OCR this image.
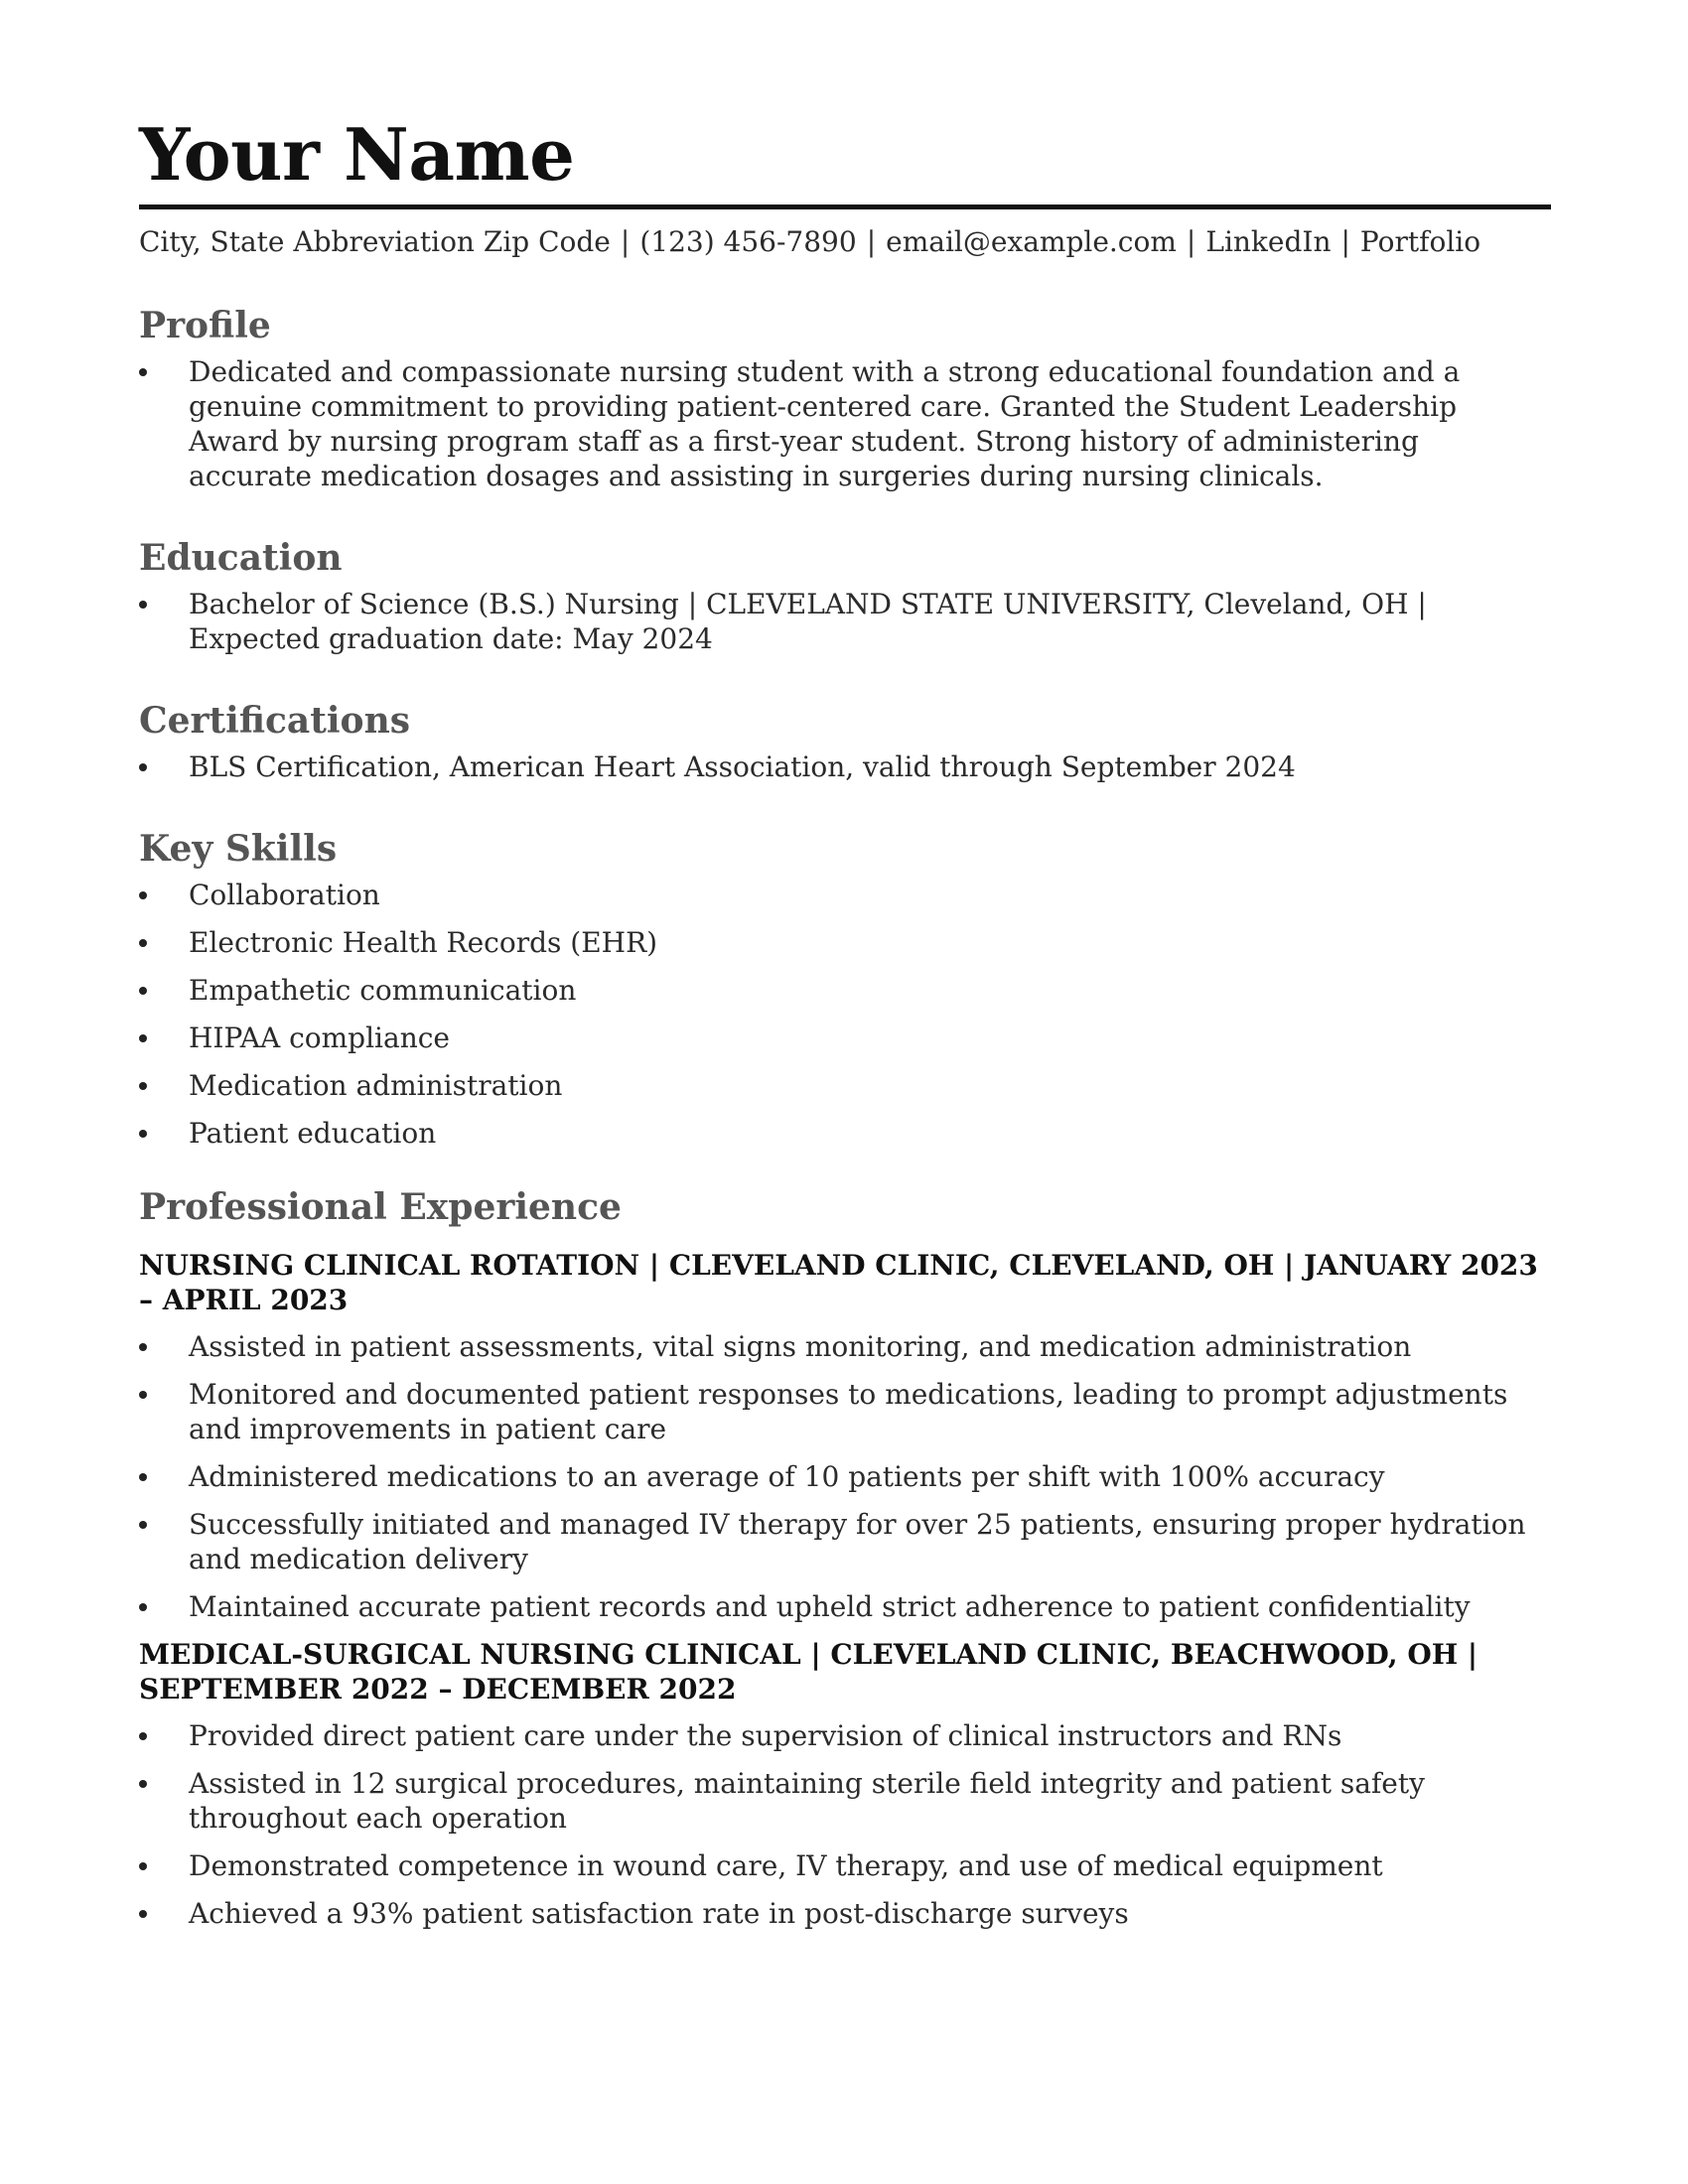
Your Name
City, State Abbreviation Zip Code | (123) 456-7890 | email@example.com | LinkedIn | Portfolio
Profile
Dedicated and compassionate nursing student with a strong educational foundation and a genuine commitment to providing patient-centered care. Granted the Student Leadership Award by nursing program staff as a first-year student. Strong history of administering accurate medication dosages and assisting in surgeries during nursing clinicals.
Education
Bachelor of Science (B.S.) Nursing | CLEVELAND STATE UNIVERSITY, Cleveland, OH | Expected graduation date: May 2024
Certifications
BLS Certification, American Heart Association, valid through September 2024
Key Skills
Collaboration
Electronic Health Records (EHR)
Empathetic communication
HIPAA compliance
Medication administration
Patient education
Professional Experience

NURSING CLINICAL ROTATION | CLEVELAND CLINIC, CLEVELAND, OH | JANUARY 2023 – APRIL 2023

Assisted in patient assessments, vital signs monitoring, and medication administration
Monitored and documented patient responses to medications, leading to prompt adjustments and improvements in patient care
Administered medications to an average of 10 patients per shift with 100% accuracy
Successfully initiated and managed IV therapy for over 25 patients, ensuring proper hydration and medication delivery
Maintained accurate patient records and upheld strict adherence to patient confidentiality

MEDICAL-SURGICAL NURSING CLINICAL | CLEVELAND CLINIC, BEACHWOOD, OH | SEPTEMBER 2022 – DECEMBER 2022

Provided direct patient care under the supervision of clinical instructors and RNs
Assisted in 12 surgical procedures, maintaining sterile field integrity and patient safety throughout each operation
Demonstrated competence in wound care, IV therapy, and use of medical equipment
Achieved a 93% patient satisfaction rate in post-discharge surveys
